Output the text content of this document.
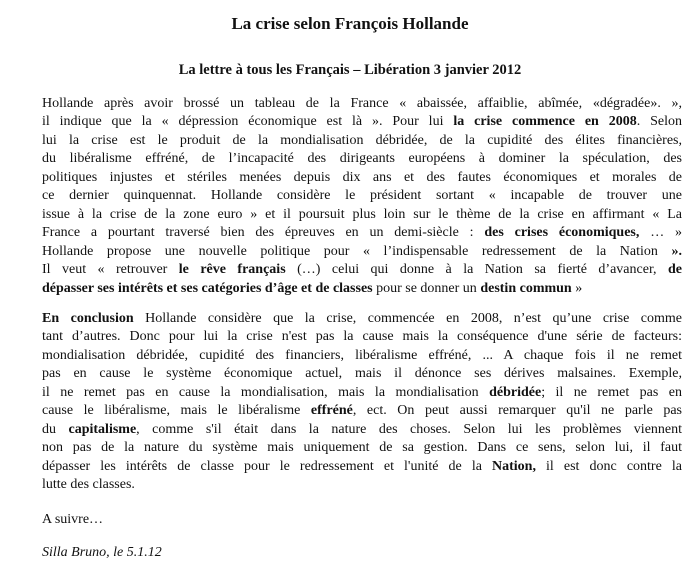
La crise selon François Hollande
La lettre à tous les Français – Libération 3 janvier 2012
Hollande après avoir brossé un tableau de la France « abaissée, affaiblie, abîmée, «dégradée». »,
il indique que la « dépression économique est là ». Pour lui la crise commence en 2008. Selon
lui la crise est le produit de la mondialisation débridée, de la cupidité des élites financières,
du libéralisme effréné, de l’incapacité des dirigeants européens à dominer la spéculation, des
politiques injustes et stériles menées depuis dix ans et des fautes économiques et morales de
ce dernier quinquennat. Hollande considère le président sortant « incapable de trouver une
issue à la crise de la zone euro » et il poursuit plus loin sur le thème de la crise en affirmant « La
France a pourtant traversé bien des épreuves en un demi-siècle : des crises économiques, … »
Hollande propose une nouvelle politique pour « l’indispensable redressement de la Nation ».
Il veut « retrouver le rêve français (…) celui qui donne à la Nation sa fierté d’avancer, de
dépasser ses intérêts et ses catégories d’âge et de classes pour se donner un destin commun »
En conclusion Hollande considère que la crise, commencée en 2008, n’est qu’une crise comme
tant d’autres. Donc pour lui la crise n'est pas la cause mais la conséquence d'une série de facteurs:
mondialisation débridée, cupidité des financiers, libéralisme effréné, ... A chaque fois il ne remet
pas en cause le système économique actuel, mais il dénonce ses dérives malsaines. Exemple,
il ne remet pas en cause la mondialisation, mais la mondialisation débridée; il ne remet pas en
cause le libéralisme, mais le libéralisme effréné, ect. On peut aussi remarquer qu'il ne parle pas
du capitalisme, comme s'il était dans la nature des choses. Selon lui les problèmes viennent
non pas de la nature du système mais uniquement de sa gestion. Dans ce sens, selon lui, il faut
dépasser les intérêts de classe pour le redressement et l'unité de la Nation, il est donc contre la
lutte des classes.
A suivre…
Silla Bruno, le 5.1.12
